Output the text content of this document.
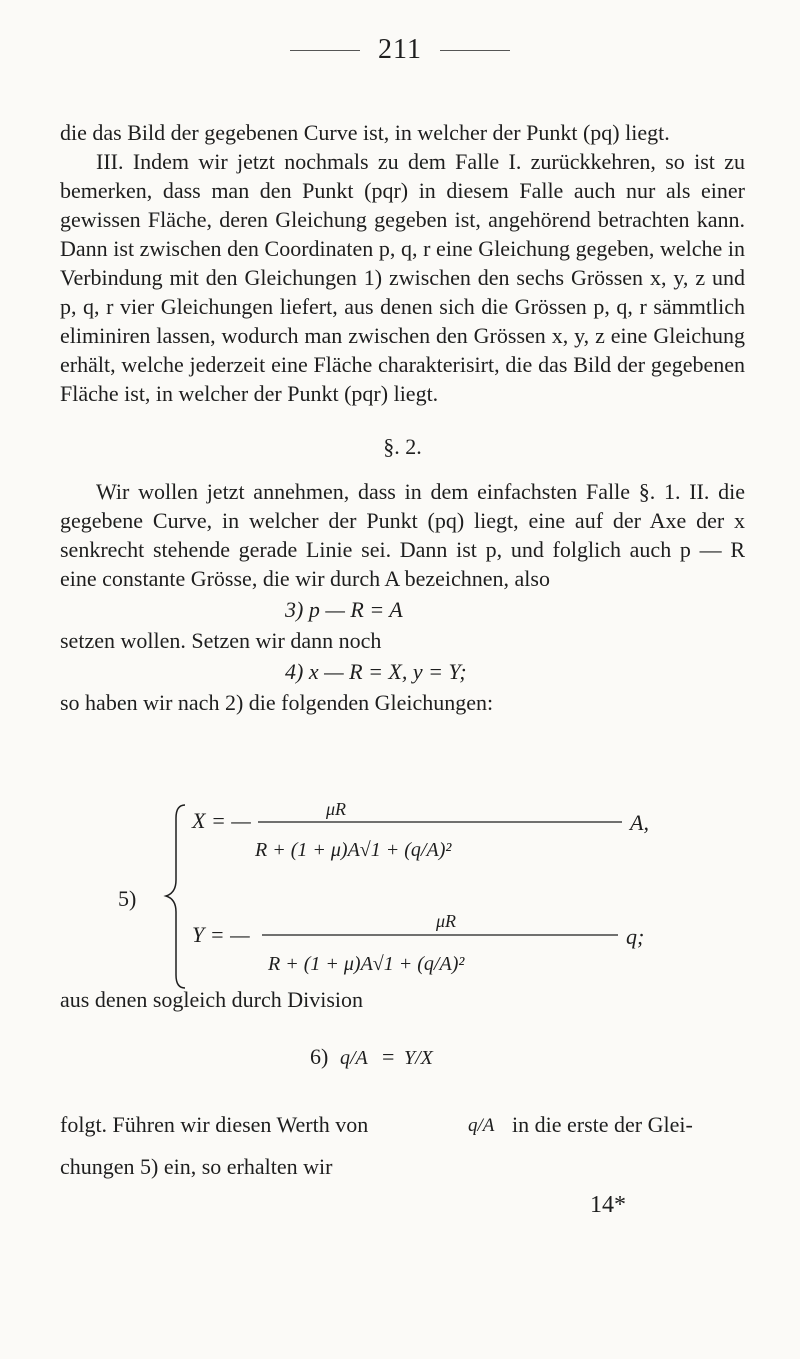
211

die das Bild der gegebenen Curve ist, in welcher der Punkt (pq) liegt.

III. Indem wir jetzt nochmals zu dem Falle I. zurückkehren, so ist zu bemerken, dass man den Punkt (pqr) in diesem Falle auch nur als einer gewissen Fläche, deren Gleichung gegeben ist, angehörend betrachten kann. Dann ist zwischen den Coordinaten p, q, r eine Gleichung gegeben, welche in Verbindung mit den Gleichungen 1) zwischen den sechs Grössen x, y, z und p, q, r vier Gleichungen liefert, aus denen sich die Grössen p, q, r sämmtlich eliminiren lassen, wodurch man zwischen den Grössen x, y, z eine Gleichung erhält, welche jederzeit eine Fläche charakterisirt, die das Bild der gegebenen Fläche ist, in welcher der Punkt (pqr) liegt.

§. 2.

Wir wollen jetzt annehmen, dass in dem einfachsten Falle §. 1. II. die gegebene Curve, in welcher der Punkt (pq) liegt, eine auf der Axe der x senkrecht stehende gerade Linie sei. Dann ist p, und folglich auch p — R eine constante Grösse, die wir durch A bezeichnen, also

3) p — R = A

setzen wollen. Setzen wir dann noch

4) x — R = X, y = Y;

so haben wir nach 2) die folgenden Gleichungen:

5)
X = —	μR
R + (1 + μ)A√1 + (q/A)²
A,
Y = —
μR
R + (1 + μ)A√1 + (q/A)²
q;
6) q/A = Y/X
q/A
aus denen sogleich durch Division
folgt. Führen wir diesen Werth von	in die erste der Glei-
chungen 5) ein, so erhalten wir
14*
